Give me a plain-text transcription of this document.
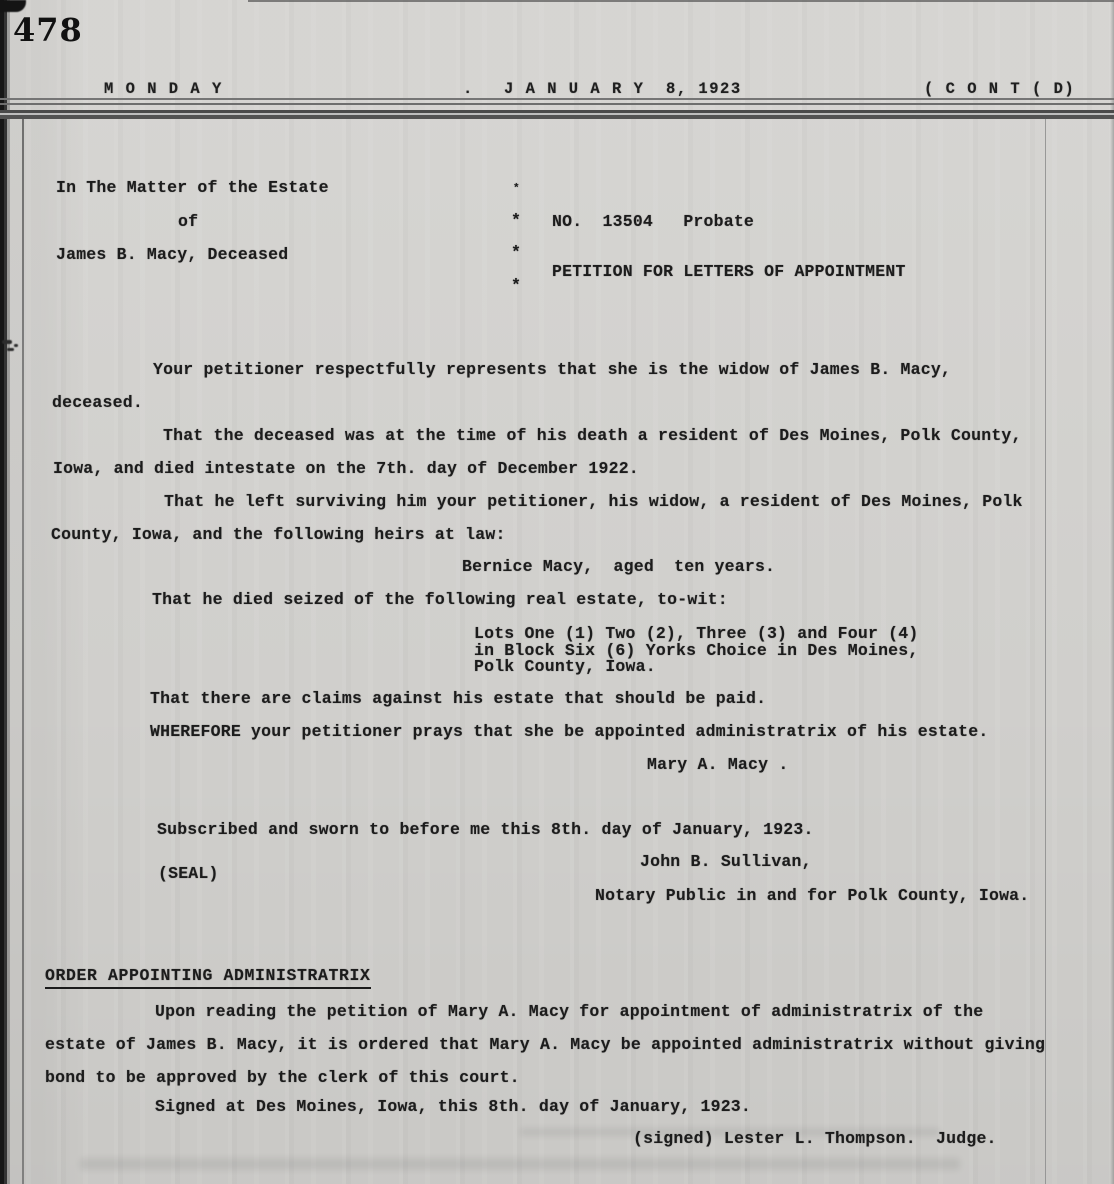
478
M O N D A Y	. J A N U A R Y  8, 1923	( C O N T ( D)
In The Matter of the Estate
of
James B. Macy, Deceased
*
*
*
*
NO.  13504   Probate
PETITION FOR LETTERS OF APPOINTMENT
Your petitioner respectfully represents that she is the widow of James B. Macy,
deceased.
That the deceased was at the time of his death a resident of Des Moines, Polk County,
Iowa, and died intestate on the 7th. day of December 1922.
That he left surviving him your petitioner, his widow, a resident of Des Moines, Polk
County, Iowa, and the following heirs at law:
Bernice Macy,  aged  ten years.
That he died seized of the following real estate, to-wit:
Lots One (1) Two (2), Three (3) and Four (4)
in Block Six (6) Yorks Choice in Des Moines,
Polk County, Iowa.
That there are claims against his estate that should be paid.
WHEREFORE your petitioner prays that she be appointed administratrix of his estate.
Mary A. Macy .
Subscribed and sworn to before me this 8th. day of January, 1923.
John B. Sullivan,
(SEAL)
Notary Public in and for Polk County, Iowa.
ORDER APPOINTING ADMINISTRATRIX
Upon reading the petition of Mary A. Macy for appointment of administratrix of the
estate of James B. Macy, it is ordered that Mary A. Macy be appointed administratrix without giving
bond to be approved by the clerk of this court.
Signed at Des Moines, Iowa, this 8th. day of January, 1923.
(signed) Lester L. Thompson.  Judge.
